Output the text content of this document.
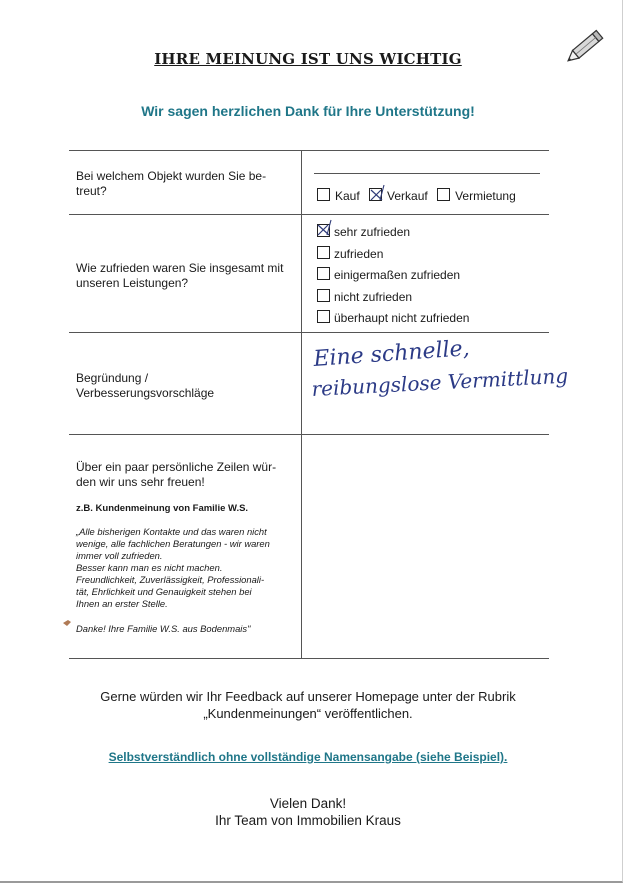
IHRE MEINUNG IST UNS WICHTIG
Wir sagen herzlichen Dank für Ihre Unterstützung!
Bei welchem Objekt wurden Sie be-
treut?	Kauf Verkauf Vermietung
Wie zufrieden waren Sie insgesamt mit unseren Leistungen?
sehr zufrieden
zufrieden
einigermaßen zufrieden
nicht zufrieden
überhaupt nicht zufrieden
Begründung /
Verbesserungsvorschläge
Eine schnelle,
reibungslose Vermittlung
Über ein paar persönliche Zeilen wür-
den wir uns sehr freuen!
z.B. Kundenmeinung von Familie W.S.
„Alle bisherigen Kontakte und das waren nicht
wenige, alle fachlichen Beratungen - wir waren
immer voll zufrieden.
Besser kann man es nicht machen.
Freundlichkeit, Zuverlässigkeit, Professionali-
tät, Ehrlichkeit und Genauigkeit stehen bei
Ihnen an erster Stelle.
Danke! Ihre Familie W.S. aus Bodenmais"
Gerne würden wir Ihr Feedback auf unserer Homepage unter der Rubrik
„Kundenmeinungen“ veröffentlichen.
Selbstverständlich ohne vollständige Namensangabe (siehe Beispiel).
Vielen Dank!
Ihr Team von Immobilien Kraus
